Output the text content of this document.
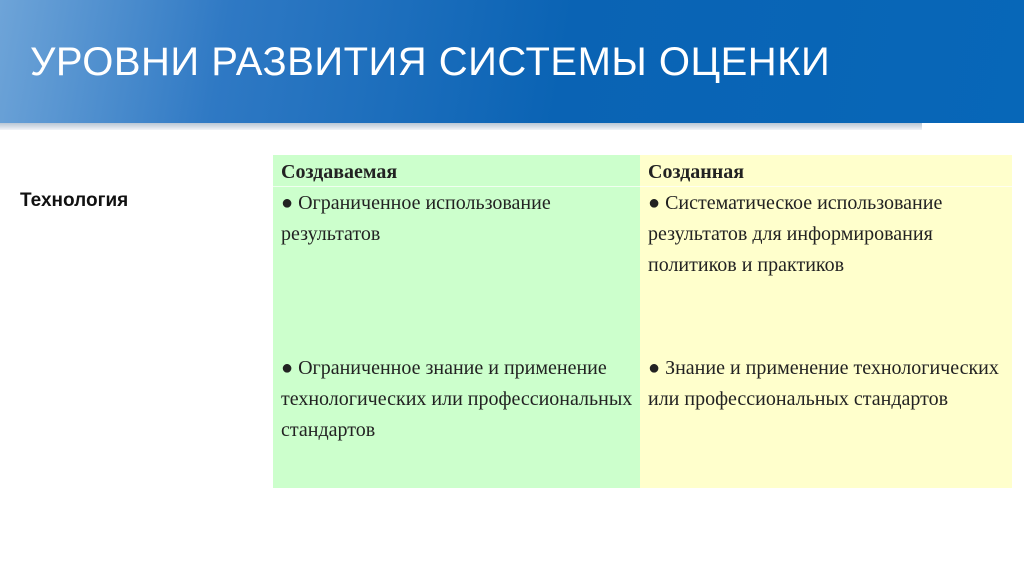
УРОВНИ РАЗВИТИЯ СИСТЕМЫ ОЦЕНКИ
Технология
Создаваемая
● Ограниченное использование результатов
● Ограниченное знание и применение технологических или профессиональных стандартов
Созданная
● Систематическое использование результатов для информирования политиков и практиков
● Знание и применение технологических или профессиональных стандартов
